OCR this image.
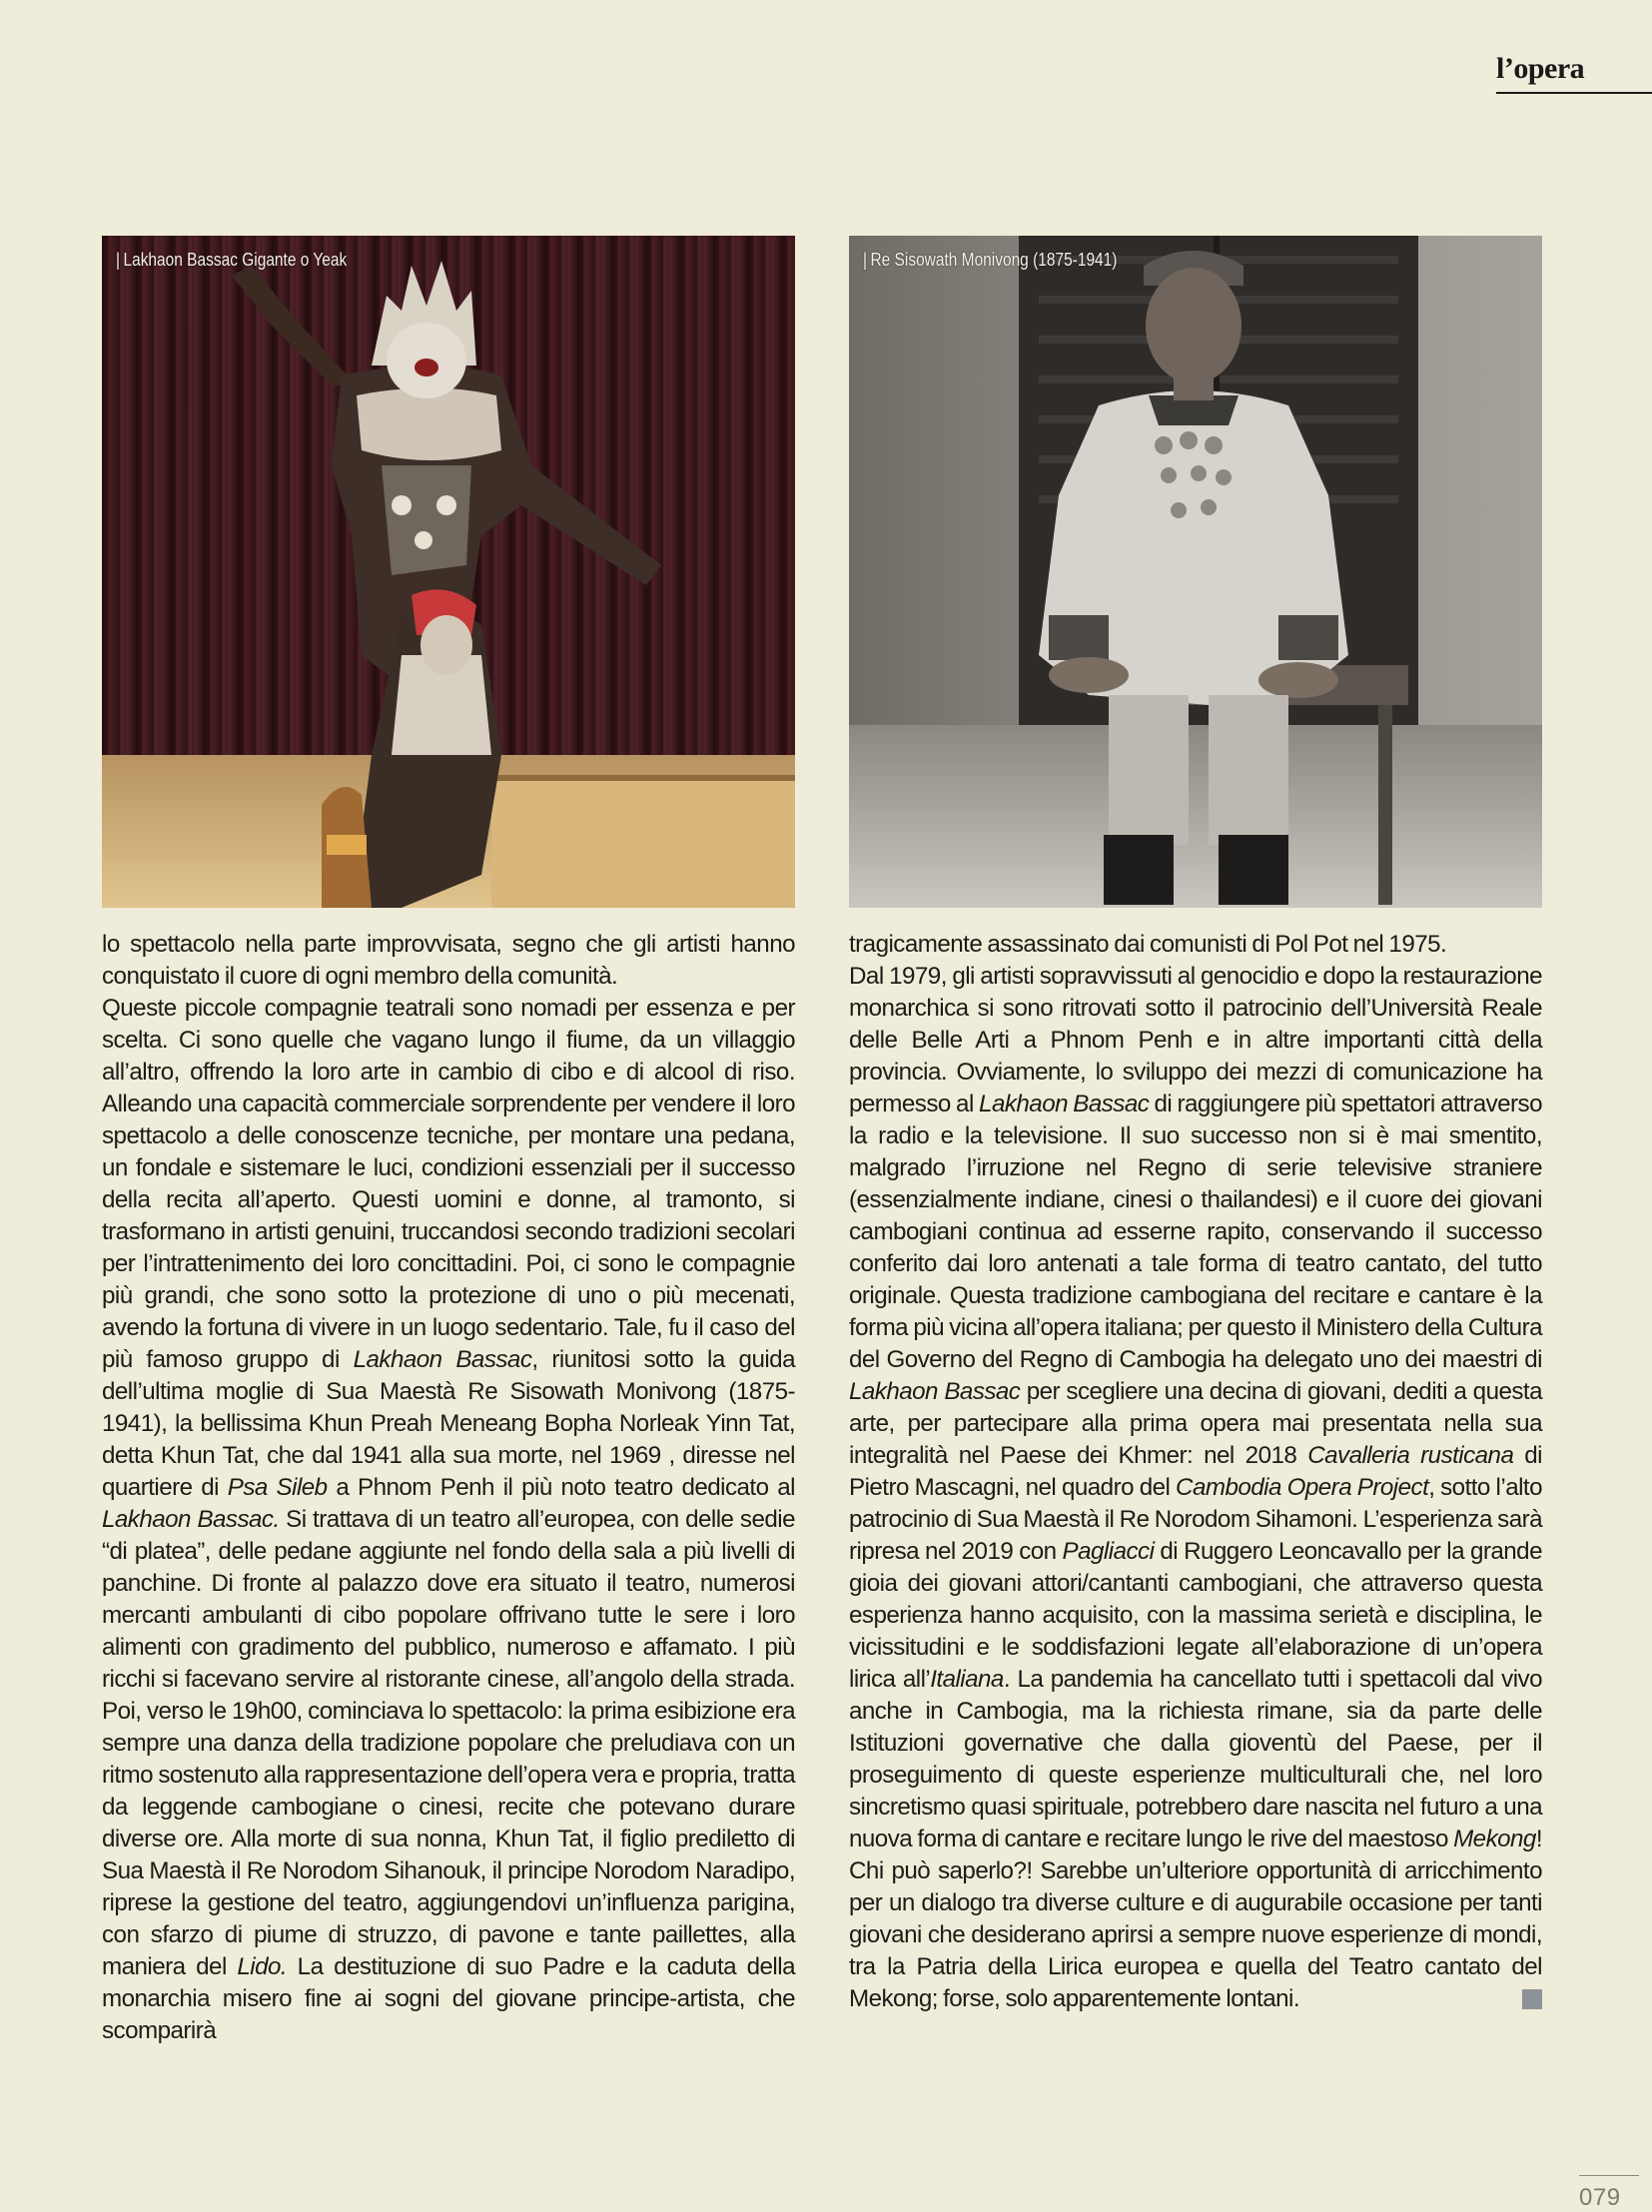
l’opera
| Lakhaon Bassac Gigante o Yeak	| Re Sisowath Monivong (1875-1941)

lo spettacolo nella parte improvvisata, segno che gli artisti hanno conquistato il cuore di ogni membro della comunità.

Queste piccole compagnie teatrali sono nomadi per essenza e per scelta. Ci sono quelle che vagano lungo il fiume, da un villaggio all’altro, offrendo la loro arte in cambio di cibo e di alcool di riso. Alleando una capacità commerciale sorprendente per vendere il loro spettacolo a delle conoscenze tecniche, per montare una pedana, un fondale e sistemare le luci, condizioni essenziali per il successo della recita all’aperto. Questi uomini e donne, al tramonto, si trasformano in artisti genuini, truccandosi secondo tradizioni secolari per l’intrattenimento dei loro concittadini. Poi, ci sono le compagnie più grandi, che sono sotto la protezione di uno o più mecenati, avendo la fortuna di vivere in un luogo sedentario. Tale, fu il caso del più famoso gruppo di Lakhaon Bassac, riunitosi sotto la guida dell’ultima moglie di Sua Maestà Re Sisowath Monivong (1875-1941), la bellissima Khun Preah Meneang Bopha Norleak Yinn Tat, detta Khun Tat, che dal 1941 alla sua morte, nel 1969 , diresse nel quartiere di Psa Sileb a Phnom Penh il più noto teatro dedicato al Lakhaon Bassac. Si trattava di un teatro all’europea, con delle sedie “di platea”, delle pedane aggiunte nel fondo della sala a più livelli di panchine. Di fronte al palazzo dove era situato il teatro, numerosi mercanti ambulanti di cibo popolare offrivano tutte le sere i loro alimenti con gradimento del pubblico, numeroso e affamato. I più ricchi si facevano servire al ristorante cinese, all’angolo della strada. Poi, verso le 19h00, cominciava lo spettacolo: la prima esibizione era sempre una danza della tradizione popolare che preludiava con un ritmo sostenuto alla rappresentazione dell’opera vera e propria, tratta da leggende cambogiane o cinesi, recite che potevano durare diverse ore. Alla morte di sua nonna, Khun Tat, il figlio prediletto di Sua Maestà il Re Norodom Sihanouk, il principe Norodom Naradipo, riprese la gestione del teatro, aggiungendovi un’influenza parigina, con sfarzo di piume di struzzo, di pavone e tante paillettes, alla maniera del Lido. La destituzione di suo Padre e la caduta della monarchia misero fine ai sogni del giovane principe-artista, che scomparirà

tragicamente assassinato dai comunisti di Pol Pot nel 1975.

Dal 1979, gli artisti sopravvissuti al genocidio e dopo la restaurazione monarchica si sono ritrovati sotto il patrocinio dell’Università Reale delle Belle Arti a Phnom Penh e in altre importanti città della provincia. Ovviamente, lo sviluppo dei mezzi di comunicazione ha permesso al Lakhaon Bassac di raggiungere più spettatori attraverso la radio e la televisione. Il suo successo non si è mai smentito, malgrado l’irruzione nel Regno di serie televisive straniere (essenzialmente indiane, cinesi o thailandesi) e il cuore dei giovani cambogiani continua ad esserne rapito, conservando il successo conferito dai loro antenati a tale forma di teatro cantato, del tutto originale. Questa tradizione cambogiana del recitare e cantare è la forma più vicina all’opera italiana; per questo il Ministero della Cultura del Governo del Regno di Cambogia ha delegato uno dei maestri di Lakhaon Bassac per scegliere una decina di giovani, dediti a questa arte, per partecipare alla prima opera mai presentata nella sua integralità nel Paese dei Khmer: nel 2018 Cavalleria rusticana di Pietro Mascagni, nel quadro del Cambodia Opera Project, sotto l’alto patrocinio di Sua Maestà il Re Norodom Sihamoni. L’esperienza sarà ripresa nel 2019 con Pagliacci di Ruggero Leoncavallo per la grande gioia dei giovani attori/cantanti cambogiani, che attraverso questa esperienza hanno acquisito, con la massima serietà e disciplina, le vicissitudini e le soddisfazioni legate all’elaborazione di un’opera lirica all’Italiana. La pandemia ha cancellato tutti i spettacoli dal vivo anche in Cambogia, ma la richiesta rimane, sia da parte delle Istituzioni governative che dalla gioventù del Paese, per il proseguimento di queste esperienze multiculturali che, nel loro sincretismo quasi spirituale, potrebbero dare nascita nel futuro a una nuova forma di cantare e recitare lungo le rive del maestoso Mekong! Chi può saperlo?! Sarebbe un’ulteriore opportunità di arricchimento per un dialogo tra diverse culture e di augurabile occasione per tanti giovani che desiderano aprirsi a sempre nuove esperienze di mondi, tra la Patria della Lirica europea e quella del Teatro cantato del Mekong; forse, solo apparentemente lontani.

079
